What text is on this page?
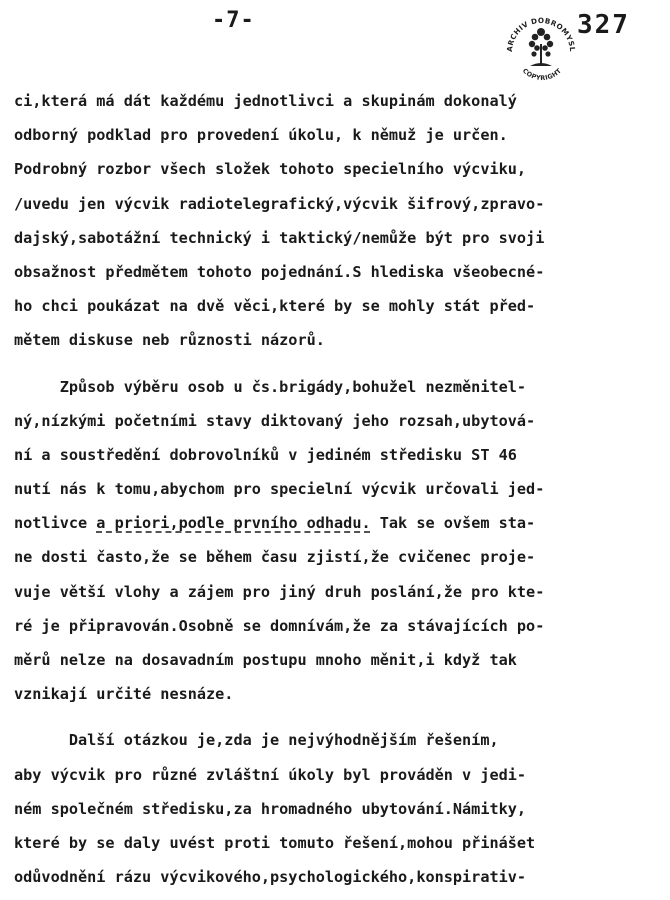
-7-
ARCHIV DOBROMYSL
COPYRIGHT
327
ci,která má dát každému jednotlivci a skupinám dokonalý
odborný podklad pro provedení úkolu, k němuž je určen.
Podrobný rozbor všech složek tohoto specielního výcviku,
/uvedu jen výcvik radiotelegrafický,výcvik šifrový,zpravo-
dajský,sabotážní technický i taktický/nemůže být pro svoji
obsažnost předmětem tohoto pojednání.S hlediska všeobecné-
ho chci poukázat na dvě věci,které by se mohly stát před-
mětem diskuse neb různosti názorů.
Způsob výběru osob u čs.brigády,bohužel nezměnitel-
ný,nízkými početními stavy diktovaný jeho rozsah,ubytová-
ní a soustředění dobrovolníků v jediném středisku ST 46
nutí nás k tomu,abychom pro specielní výcvik určovali jed-
notlivce a priori,podle prvního odhadu. Tak se ovšem sta-
ne dosti často,že se během času zjistí,že cvičenec proje-
vuje větší vlohy a zájem pro jiný druh poslání,že pro kte-
ré je připravován.Osobně se domnívám,že za stávajících po-
měrů nelze na dosavadním postupu mnoho měnit,i když tak
vznikají určité nesnáze.
Další otázkou je,zda je nejvýhodnějším řešením,
aby výcvik pro různé zvláštní úkoly byl prováděn v jedi-
ném společném středisku,za hromadného ubytování.Námitky,
které by se daly uvést proti tomuto řešení,mohou přinášet
odůvodnění rázu výcvikového,psychologického,konspirativ-
